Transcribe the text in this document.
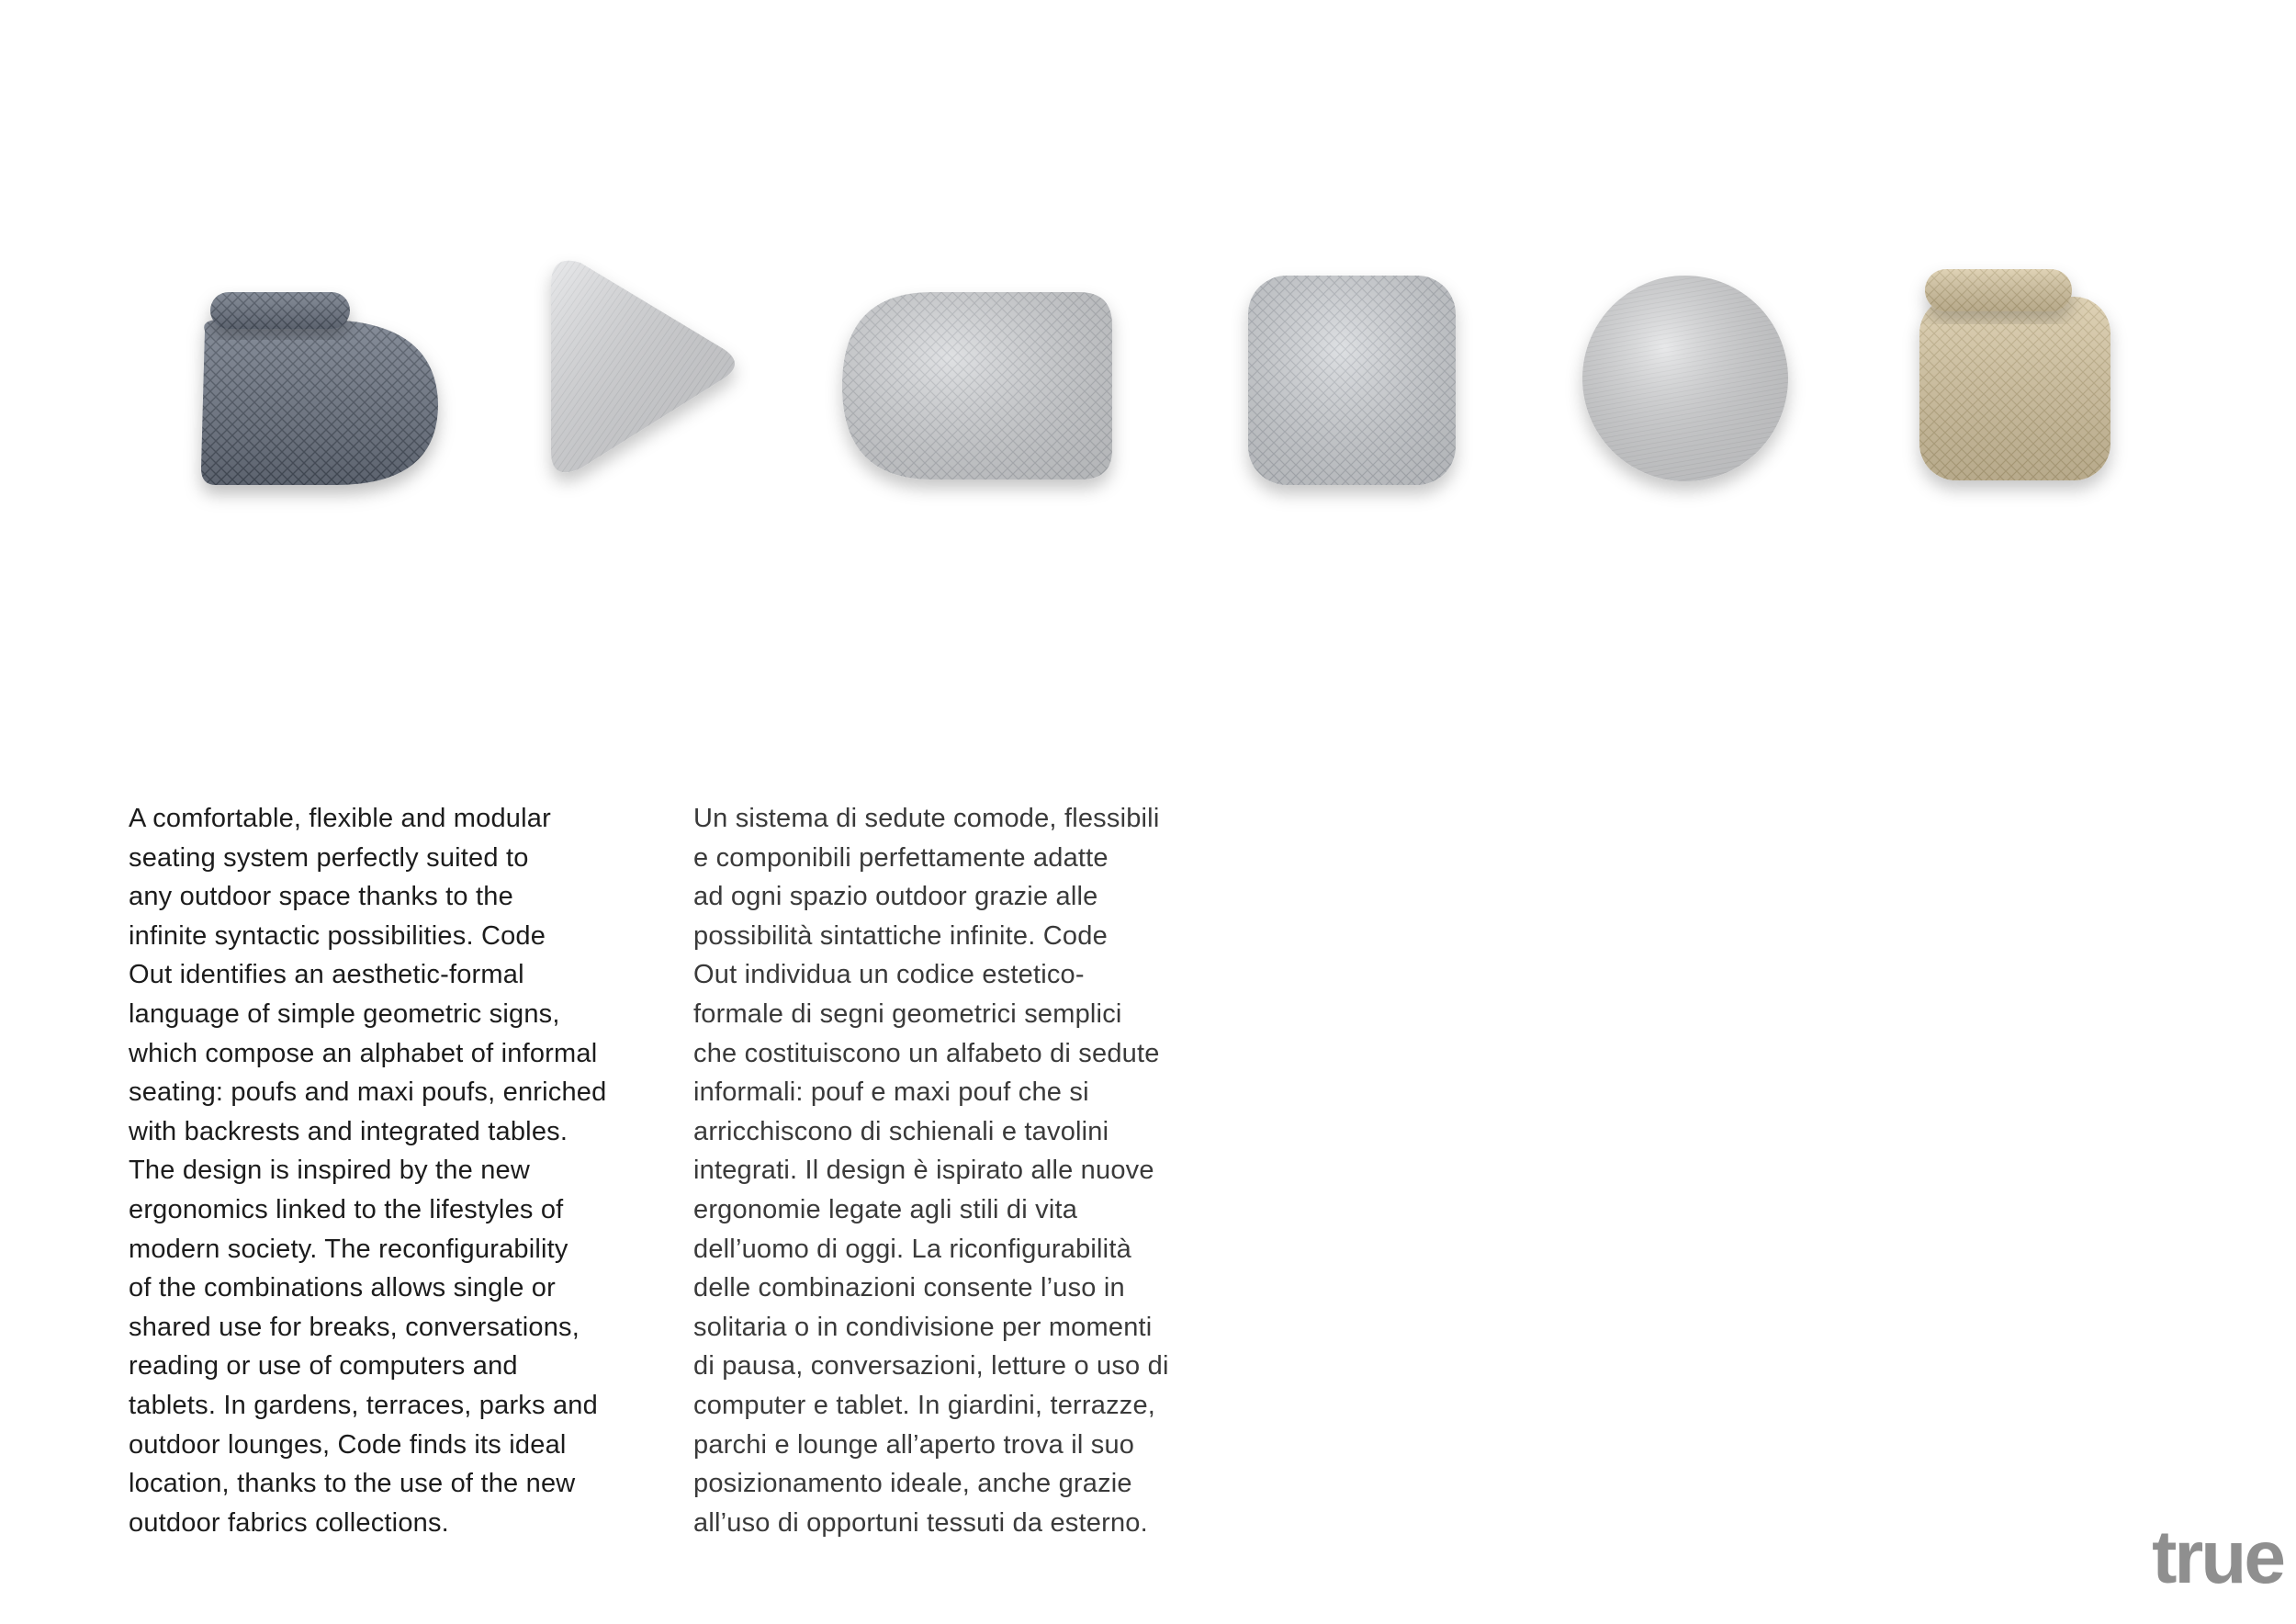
A comfortable, flexible and modular
seating system perfectly suited to
any outdoor space thanks to the
infinite syntactic possibilities. Code
Out identifies an aesthetic-formal
language of simple geometric signs,
which compose an alphabet of informal
seating: poufs and maxi poufs, enriched
with backrests and integrated tables.
The design is inspired by the new
ergonomics linked to the lifestyles of
modern society. The reconfigurability
of the combinations allows single or
shared use for breaks, conversations,
reading or use of computers and
tablets. In gardens, terraces, parks and
outdoor lounges, Code finds its ideal
location, thanks to the use of the new
outdoor fabrics collections.
Un sistema di sedute comode, flessibili
e componibili perfettamente adatte
ad ogni spazio outdoor grazie alle
possibilità sintattiche infinite. Code
Out individua un codice estetico-
formale di segni geometrici semplici
che costituiscono un alfabeto di sedute
informali: pouf e maxi pouf che si
arricchiscono di schienali e tavolini
integrati. Il design è ispirato alle nuove
ergonomie legate agli stili di vita
dell’uomo di oggi. La riconfigurabilità
delle combinazioni consente l’uso in
solitaria o in condivisione per momenti
di pausa, conversazioni, letture o uso di
computer e tablet. In giardini, terrazze,
parchi e lounge all’aperto trova il suo
posizionamento ideale, anche grazie
all’uso di opportuni tessuti da esterno.	true
